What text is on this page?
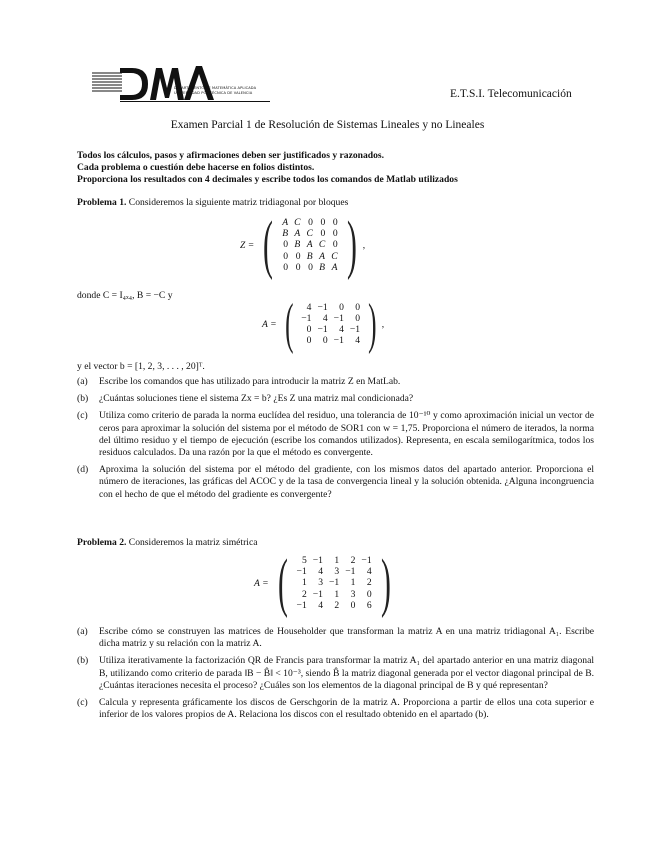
DEPARTAMENTO DE MATEMÁTICA APLICADA
UNIVERSIDAD POLITÉCNICA DE VALENCIA	E.T.S.I. Telecomunicación
Examen Parcial 1 de Resolución de Sistemas Lineales y no Lineales
Todos los cálculos, pasos y afirmaciones deben ser justificados y razonados.
Cada problema o cuestión debe hacerse en folios distintos.
Proporciona los resultados con 4 decimales y escribe todos los comandos de Matlab utilizados
Problema 1. Consideremos la siguiente matriz tridiagonal por bloques
Z = ( A	C	0	0	0
B	A	C	0	0
0	B	A	C	0
0	0	B	A	C
0	0	0	B	A ) ,
donde C = I₄ₓ₄, B = −C y
A = ( 4	−1	0	0
−1	4	−1	0
0	−1	4	−1
0	0	−1	4 ) ,
y el vector b = [1, 2, 3, . . . , 20]ᵀ.
(a)	Escribe los comandos que has utilizado para introducir la matriz Z en MatLab.
(b)	¿Cuántas soluciones tiene el sistema Zx = b? ¿Es Z una matriz mal condicionada?
(c)	Utiliza como criterio de parada la norma euclídea del residuo, una tolerancia de 10⁻¹⁰ y como aproximación inicial un vector de ceros para aproximar la solución del sistema por el método de SOR1 con w = 1,75. Proporciona el número de iterados, la norma del último residuo y el tiempo de ejecución (escribe los comandos utilizados). Representa, en escala semilogarítmica, todos los residuos calculados. Da una razón por la que el método es convergente.
(d)	Aproxima la solución del sistema por el método del gradiente, con los mismos datos del apartado anterior. Proporciona el número de iteraciones, las gráficas del ACOC y de la tasa de convergencia lineal y la solución obtenida. ¿Alguna incongruencia con el hecho de que el método del gradiente es convergente?
Problema 2. Consideremos la matriz simétrica
A = ( 5	−1	1	2	−1
−1	4	3	−1	4
1	3	−1	1	2
2	−1	1	3	0
−1	4	2	0	6 )
(a)	Escribe cómo se construyen las matrices de Householder que transforman la matriz A en una matriz tridiagonal A₁. Escribe dicha matriz y su relación con la matriz A.
(b)	Utiliza iterativamente la factorización QR de Francis para transformar la matriz A₁ del apartado anterior en una matriz diagonal B, utilizando como criterio de parada ‖B − B̂‖ < 10⁻³, siendo B̂ la matriz diagonal generada por el vector diagonal principal de B. ¿Cuántas iteraciones necesita el proceso? ¿Cuáles son los elementos de la diagonal principal de B y qué representan?
(c)	Calcula y representa gráficamente los discos de Gerschgorin de la matriz A. Proporciona a partir de ellos una cota superior e inferior de los valores propios de A. Relaciona los discos con el resultado obtenido en el apartado (b).
